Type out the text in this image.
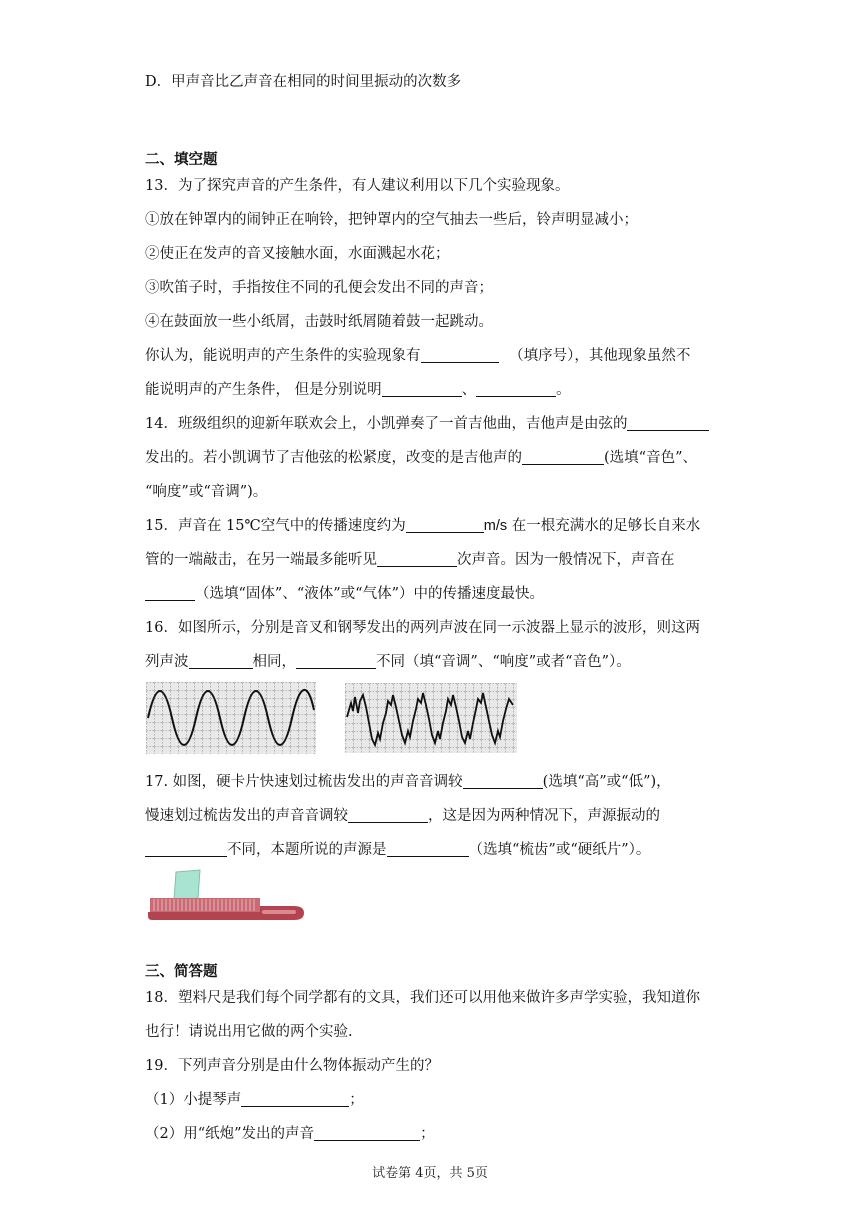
D．甲声音比乙声音在相同的时间里振动的次数多
二、填空题
13．为了探究声音的产生条件，有人建议利用以下几个实验现象。
①放在钟罩内的闹钟正在响铃，把钟罩内的空气抽去一些后，铃声明显减小；
②使正在发声的音叉接触水面，水面溅起水花；
③吹笛子时，手指按住不同的孔便会发出不同的声音；
④在鼓面放一些小纸屑，击鼓时纸屑随着鼓一起跳动。
你认为，能说明声的产生条件的实验现象有	（填序号），其他现象虽然不
能说明声的产生条件， 但是分别说明	、	。
14．班级组织的迎新年联欢会上，小凯弹奏了一首吉他曲，吉他声是由弦的
发出的。若小凯调节了吉他弦的松紧度，改变的是吉他声的	(选填“音色”、
“响度”或“音调”)。
15．声音在 15℃空气中的传播速度约为	m/s 在一根充满水的足够长自来水
管的一端敲击，在另一端最多能听见	次声音。因为一般情况下，声音在
（选填“固体”、“液体”或“气体”）中的传播速度最快。
16．如图所示，分别是音叉和钢琴发出的两列声波在同一示波器上显示的波形，则这两
列声波	相同，	不同（填“音调”、“响度”或者“音色”）。
17. 如图，硬卡片快速划过梳齿发出的声音音调较	(选填“高”或“低”)，
慢速划过梳齿发出的声音音调较	，这是因为两种情况下，声源振动的
不同，本题所说的声源是	（选填“梳齿”或“硬纸片”）。
三、简答题
18．塑料尺是我们每个同学都有的文具，我们还可以用他来做许多声学实验，我知道你
也行！请说出用它做的两个实验.
19．下列声音分别是由什么物体振动产生的？
（1）小提琴声	；
（2）用“纸炮”发出的声音	；
试卷第 4页，共 5页
